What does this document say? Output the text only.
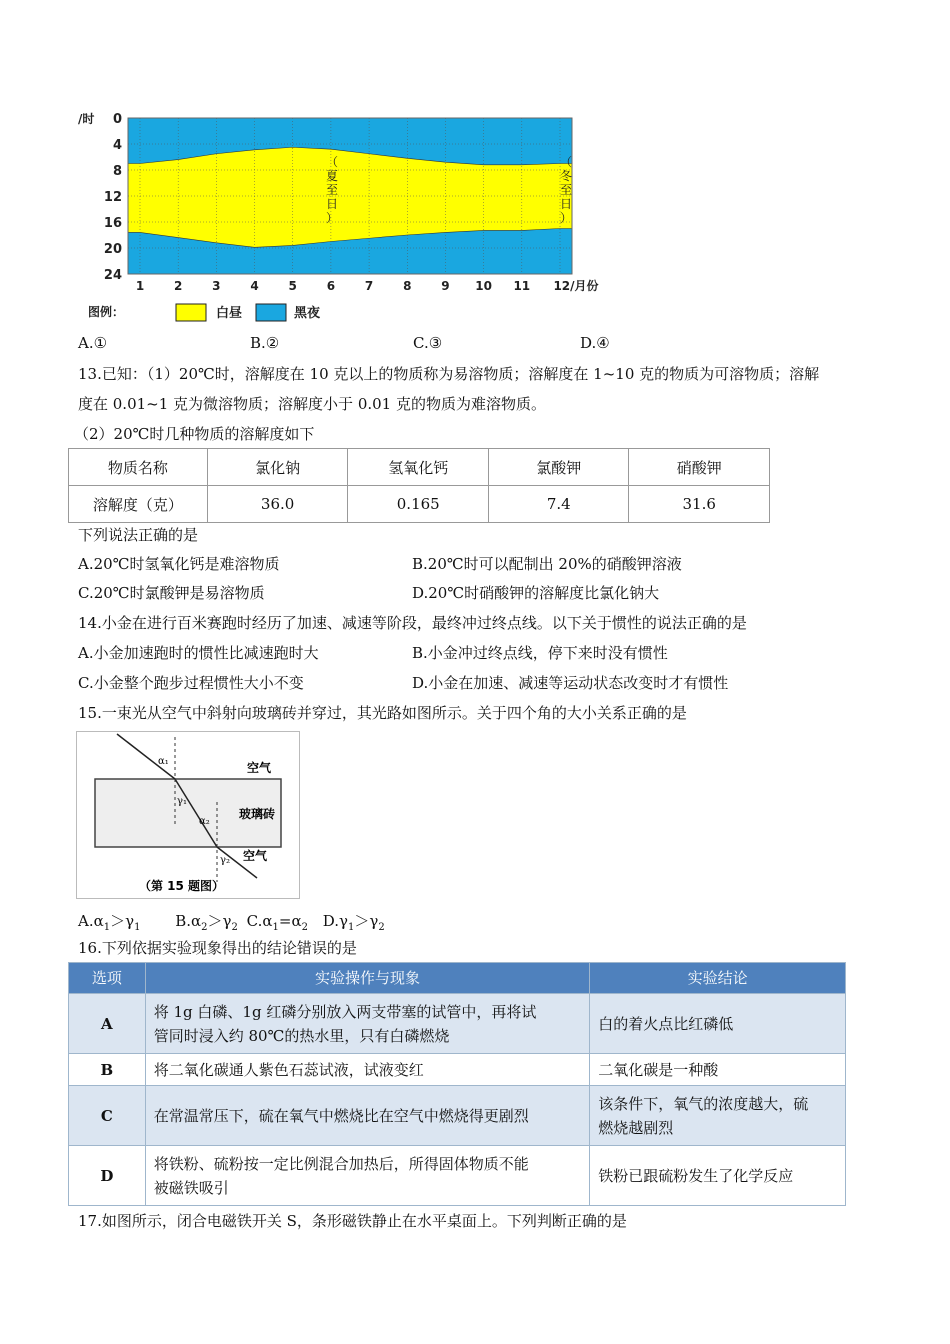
0
4
8
12
16
20
24
1 2 3 4 5 6 7 8 9 10 11 12/月份
/时
（
夏
至
日
）
（
冬
至
日
）
图例：	白昼	黑夜
A.①	B.②	C.③	D.④
13.已知：（1）20℃时，溶解度在 10 克以上的物质称为易溶物质；溶解度在 1~10 克的物质为可溶物质；溶解
度在 0.01~1 克为微溶物质；溶解度小于 0.01 克的物质为难溶物质。
（2）20℃时几种物质的溶解度如下
物质名称	氯化钠	氢氧化钙	氯酸钾	硝酸钾
溶解度（克）	36.0	0.165	7.4	31.6
下列说法正确的是
A.20℃时氢氧化钙是难溶物质	B.20℃时可以配制出 20%的硝酸钾溶液
C.20℃时氯酸钾是易溶物质	D.20℃时硝酸钾的溶解度比氯化钠大
14.小金在进行百米赛跑时经历了加速、减速等阶段，最终冲过终点线。以下关于惯性的说法正确的是
A.小金加速跑时的惯性比减速跑时大	B.小金冲过终点线，停下来时没有惯性
C.小金整个跑步过程惯性大小不变	D.小金在加速、减速等运动状态改变时才有惯性
15.一束光从空气中斜射向玻璃砖并穿过，其光路如图所示。关于四个角的大小关系正确的是
α₁
γ₁
α₂
γ₂
空气
玻璃砖
空气
（第 15 题图）
$A.\alpha_1>\gamma_1$ $B.\alpha_2>\gamma_2$ $C.\alpha_1=\alpha_2$ $D.\gamma_1>\gamma_2$
16.下列依据实验现象得出的结论错误的是
选项	实验操作与现象	实验结论
A	将 1g 白磷、1g 红磷分别放入两支带塞的试管中，再将试
管同时浸入约 80℃的热水里，只有白磷燃烧	白的着火点比红磷低

B	将二氧化碳通人紫色石蕊试液，试液变红	二氧化碳是一种酸

C	在常温常压下，硫在氧气中燃烧比在空气中燃烧得更剧烈	该条件下，氧气的浓度越大，硫
燃烧越剧烈

D	将铁粉、硫粉按一定比例混合加热后，所得固体物质不能
被磁铁吸引	铁粉已跟硫粉发生了化学反应
17.如图所示，闭合电磁铁开关 S，条形磁铁静止在水平桌面上。下列判断正确的是
